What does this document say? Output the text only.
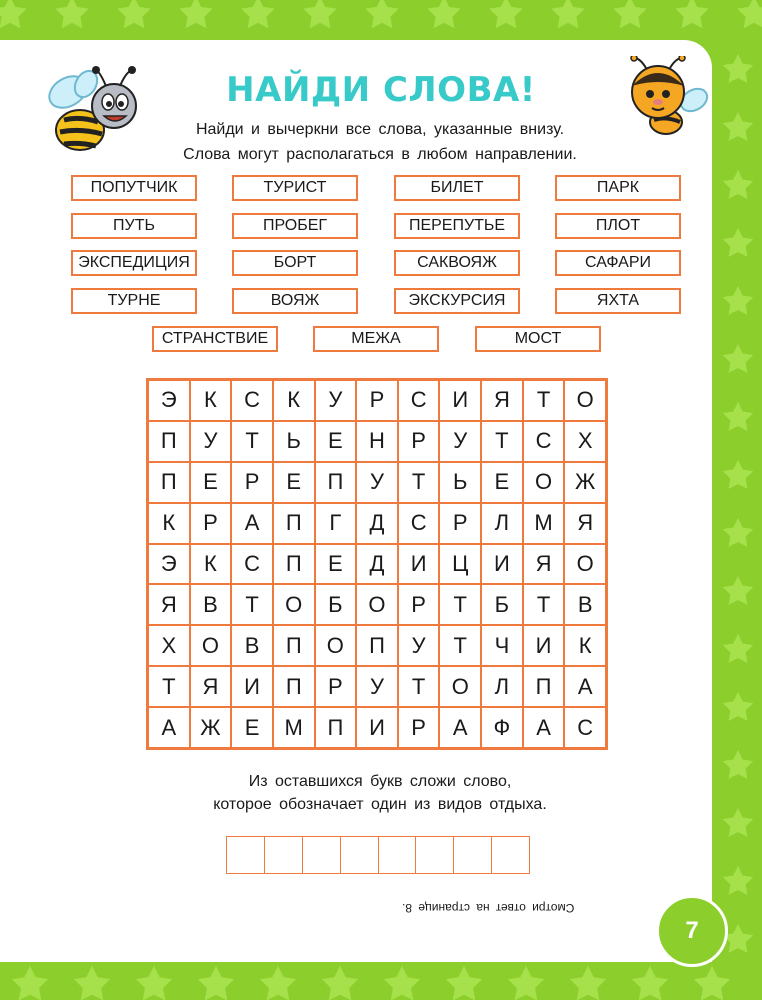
НАЙДИ СЛОВА!

Найди и вычеркни все слова, указанные внизу.

Слова могут располагаться в любом направлении.

ПОПУТЧИК	ТУРИСТ	БИЛЕТ	ПАРК
ПУТЬ	ПРОБЕГ	ПЕРЕПУТЬЕ	ПЛОТ
ЭКСПЕДИЦИЯ	БОРТ	САКВОЯЖ	САФАРИ
ТУРНЕ	ВОЯЖ	ЭКСКУРСИЯ	ЯХТА
СТРАНСТВИЕ	МЕЖА	МОСТ
Э	К	С	К	У	Р	С	И	Я	Т	О
П	У	Т	Ь	Е	Н	Р	У	Т	С	Х
П	Е	Р	Е	П	У	Т	Ь	Е	О	Ж
К	Р	А	П	Г	Д	С	Р	Л	М	Я
Э	К	С	П	Е	Д	И	Ц	И	Я	О
Я	В	Т	О	Б	О	Р	Т	Б	Т	В
Х	О	В	П	О	П	У	Т	Ч	И	К
Т	Я	И	П	Р	У	Т	О	Л	П	А
А	Ж	Е	М	П	И	Р	А	Ф	А	С

Из оставшихся букв сложи слово,

которое обозначает один из видов отдыха.

Смотри ответ на странице 8.
7
